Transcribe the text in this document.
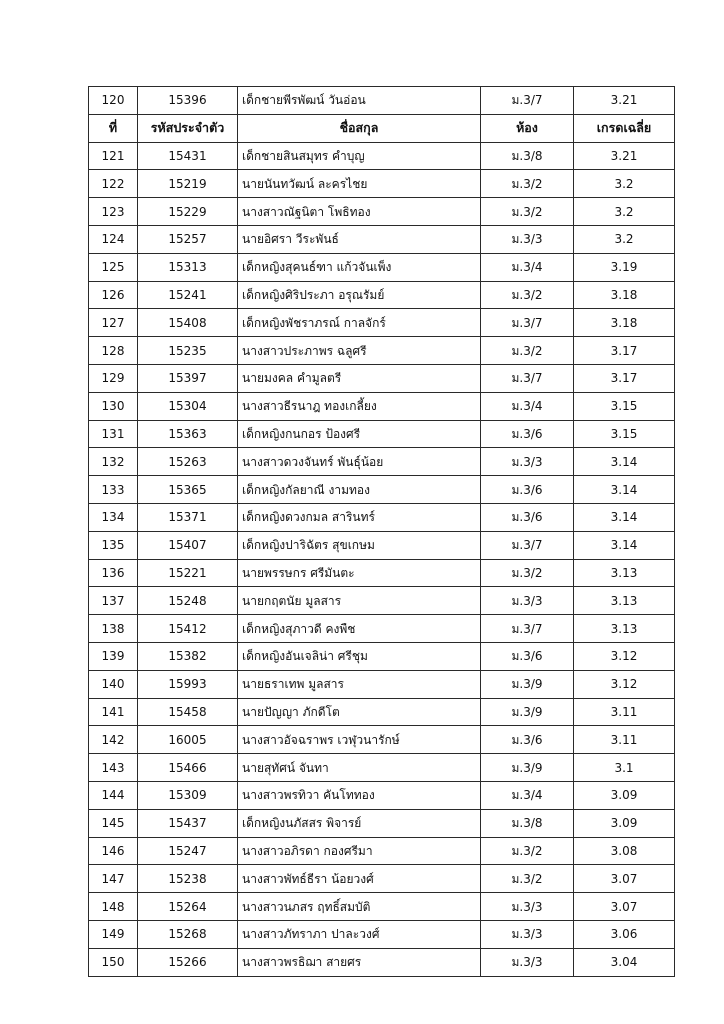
120	15396	เด็กชายพีรพัฒน์ วันอ่อน	ม.3/7	3.21
ที่	รหัสประจำตัว	ชื่อสกุล	ห้อง	เกรดเฉลี่ย
121	15431	เด็กชายสินสมุทร คำบุญ	ม.3/8	3.21
122	15219	นายนันทวัฒน์ ละครไชย	ม.3/2	3.2
123	15229	นางสาวณัฐนิตา โพธิทอง	ม.3/2	3.2
124	15257	นายอิศรา วีระพันธ์	ม.3/3	3.2
125	15313	เด็กหญิงสุคนธ์ฑา แก้วจันเพ็ง	ม.3/4	3.19
126	15241	เด็กหญิงศิริประภา อรุณรัมย์	ม.3/2	3.18
127	15408	เด็กหญิงพัชราภรณ์ กาลจักร์	ม.3/7	3.18
128	15235	นางสาวประภาพร ฉลูศรี	ม.3/2	3.17
129	15397	นายมงคล คำมูลตรี	ม.3/7	3.17
130	15304	นางสาวธีรนาฎ ทองเกลี้ยง	ม.3/4	3.15
131	15363	เด็กหญิงกนกอร ป้องศรี	ม.3/6	3.15
132	15263	นางสาวดวงจันทร์ พันธุ์น้อย	ม.3/3	3.14
133	15365	เด็กหญิงกัลยาณี งามทอง	ม.3/6	3.14
134	15371	เด็กหญิงดวงกมล สารินทร์	ม.3/6	3.14
135	15407	เด็กหญิงปาริฉัตร สุขเกษม	ม.3/7	3.14
136	15221	นายพรรษกร ศรีมันตะ	ม.3/2	3.13
137	15248	นายกฤตนัย มูลสาร	ม.3/3	3.13
138	15412	เด็กหญิงสุภาวดี คงพืช	ม.3/7	3.13
139	15382	เด็กหญิงอันเจลิน่า ศรีชุม	ม.3/6	3.12
140	15993	นายธราเทพ มูลสาร	ม.3/9	3.12
141	15458	นายปัญญา ภักดีโต	ม.3/9	3.11
142	16005	นางสาวอัจฉราพร เวฬุวนารักษ์	ม.3/6	3.11
143	15466	นายสุทัศน์ จันทา	ม.3/9	3.1
144	15309	นางสาวพรทิวา คันโททอง	ม.3/4	3.09
145	15437	เด็กหญิงนภัสสร พิจารย์	ม.3/8	3.09
146	15247	นางสาวอภิรดา กองศรีมา	ม.3/2	3.08
147	15238	นางสาวพัทธ์ธีรา น้อยวงศ์	ม.3/2	3.07
148	15264	นางสาวนภสร ฤทธิ์สมบัติ	ม.3/3	3.07
149	15268	นางสาวภัทราภา ปาละวงศ์	ม.3/3	3.06
150	15266	นางสาวพรธิฌา สายศร	ม.3/3	3.04
